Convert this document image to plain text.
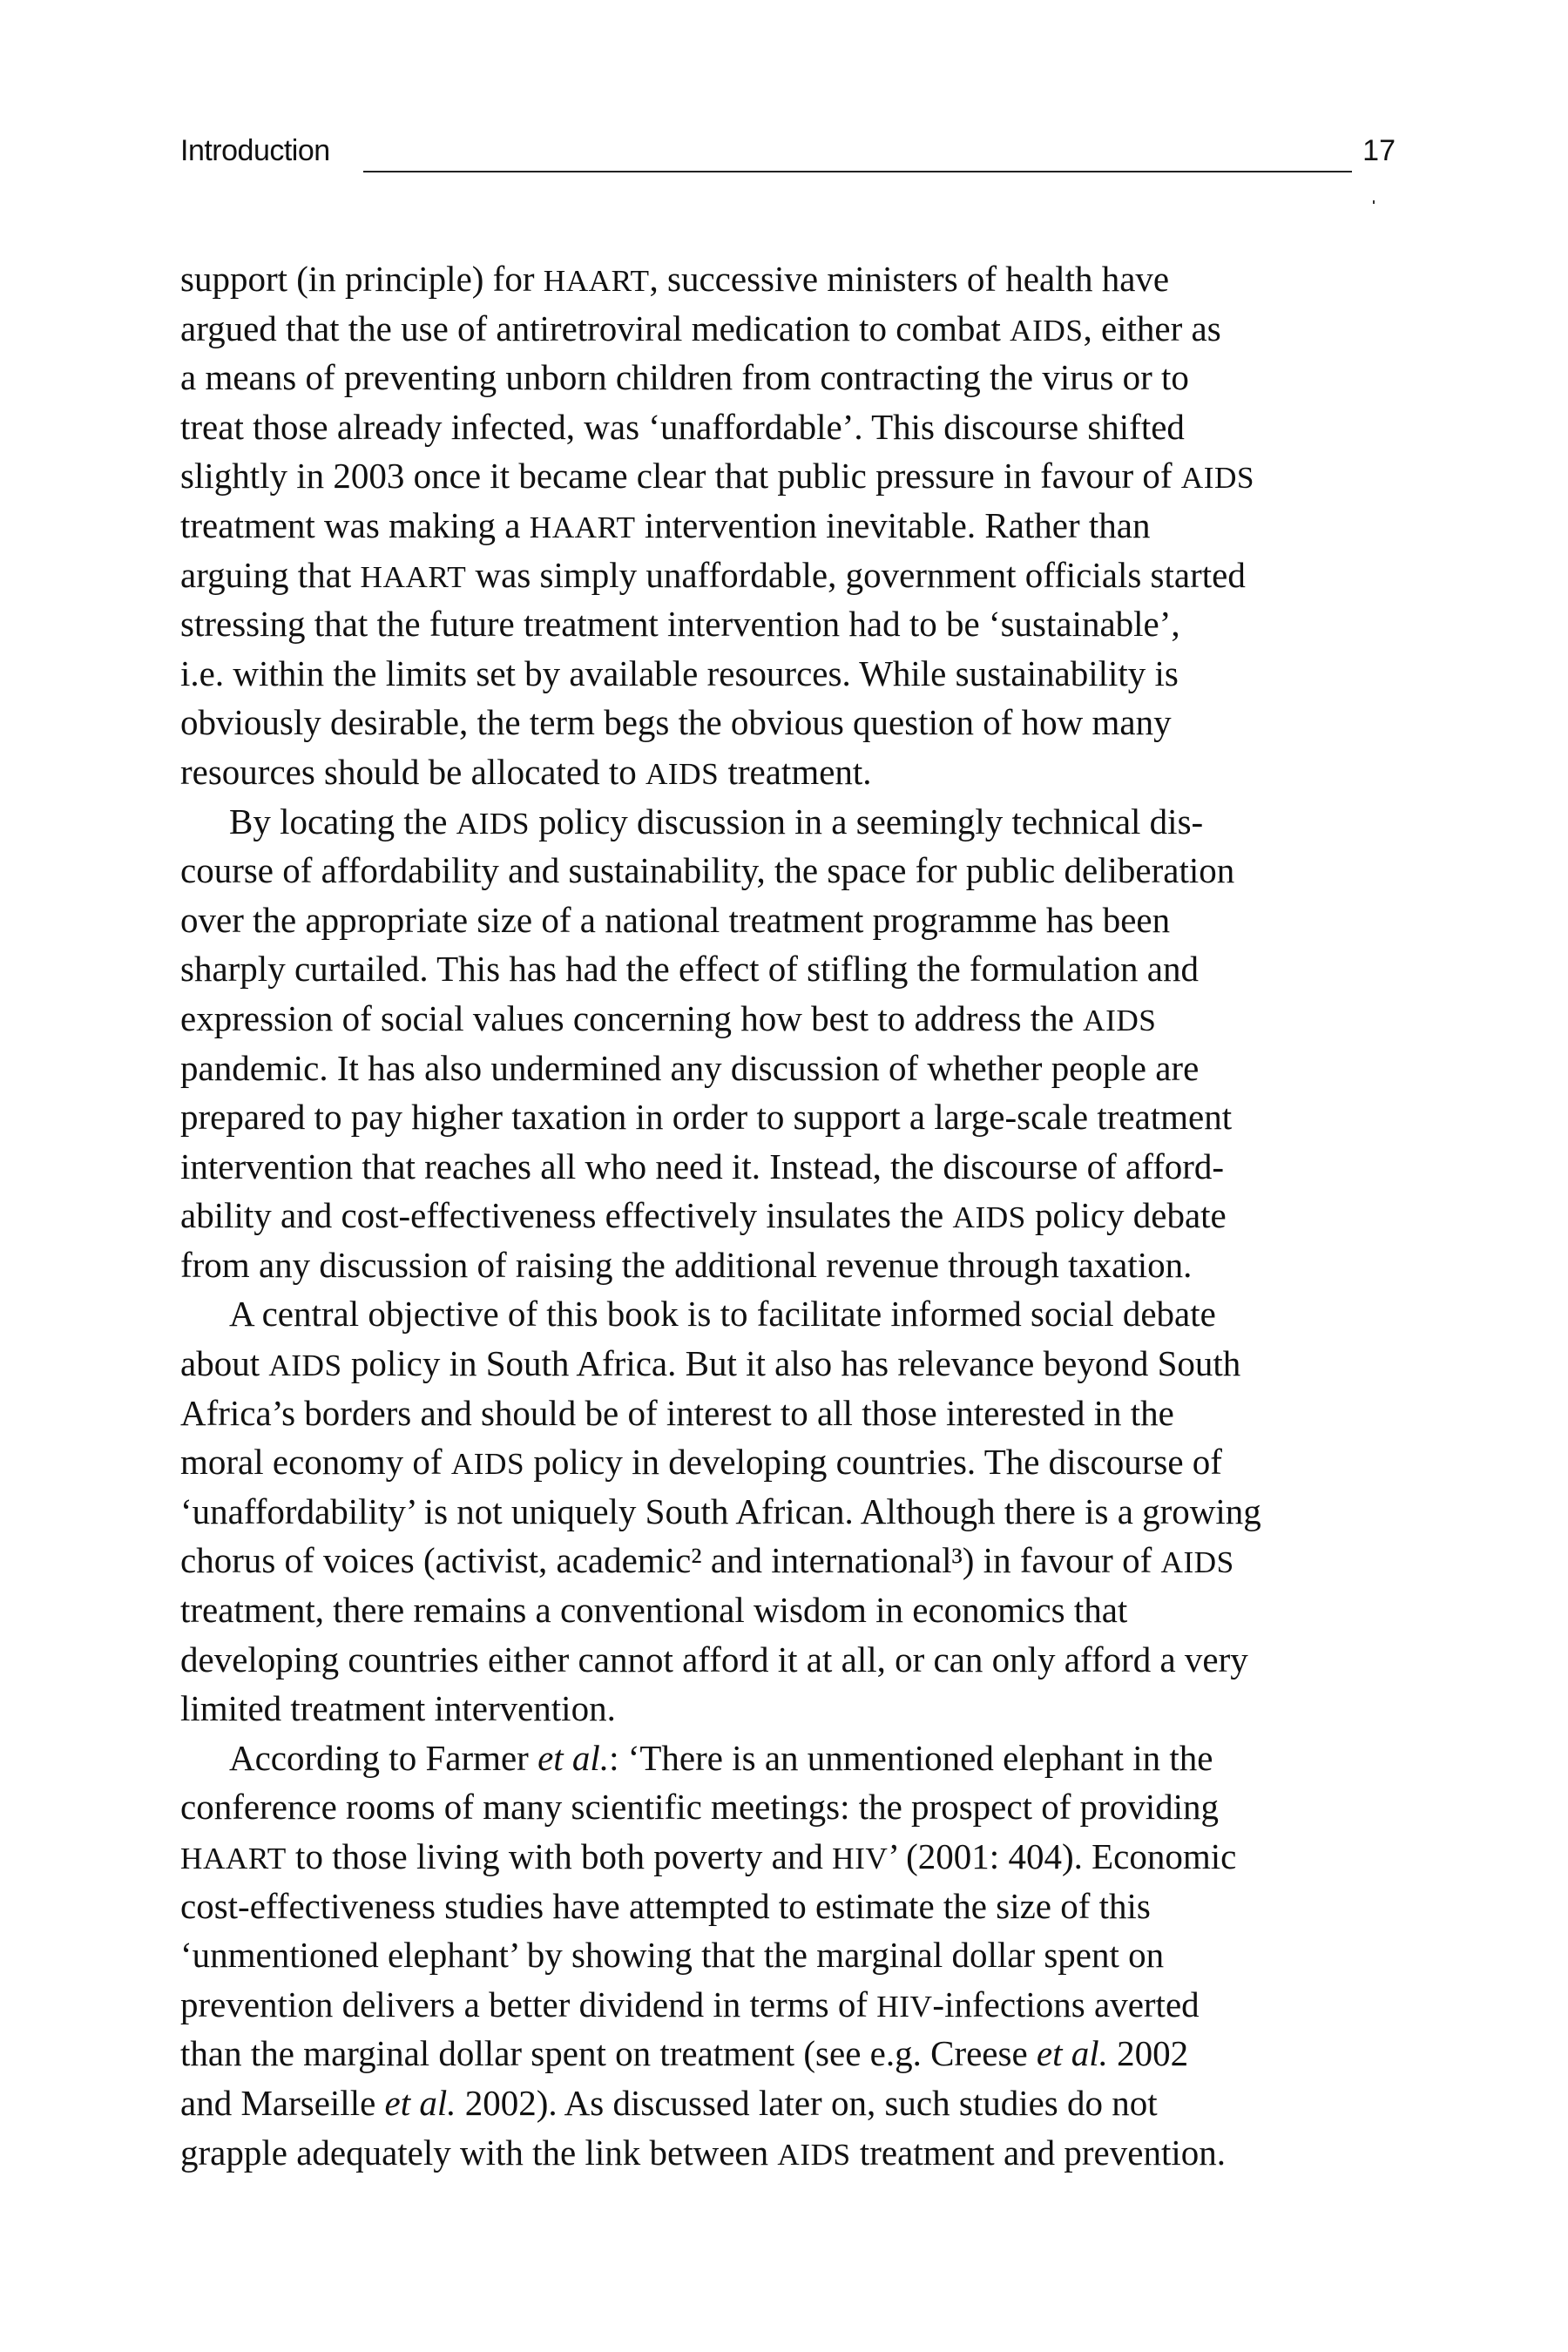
Introduction	17
support (in principle) for HAART, successive ministers of health have
argued that the use of antiretroviral medication to combat AIDS, either as
a means of preventing unborn children from contracting the virus or to
treat those already infected, was ‘unaffordable’. This discourse shifted
slightly in 2003 once it became clear that public pressure in favour of AIDS
treatment was making a HAART intervention inevitable. Rather than
arguing that HAART was simply unaffordable, government officials started
stressing that the future treatment intervention had to be ‘sustainable’,
i.e. within the limits set by available resources. While sustainability is
obviously desirable, the term begs the obvious question of how many
resources should be allocated to AIDS treatment.
By locating the AIDS policy discussion in a seemingly technical dis-
course of affordability and sustainability, the space for public deliberation
over the appropriate size of a national treatment programme has been
sharply curtailed. This has had the effect of stifling the formulation and
expression of social values concerning how best to address the AIDS
pandemic. It has also undermined any discussion of whether people are
prepared to pay higher taxation in order to support a large-scale treatment
intervention that reaches all who need it. Instead, the discourse of afford-
ability and cost-effectiveness effectively insulates the AIDS policy debate
from any discussion of raising the additional revenue through taxation.
A central objective of this book is to facilitate informed social debate
about AIDS policy in South Africa. But it also has relevance beyond South
Africa’s borders and should be of interest to all those interested in the
moral economy of AIDS policy in developing countries. The discourse of
‘unaffordability’ is not uniquely South African. Although there is a growing
chorus of voices (activist, academic² and international³) in favour of AIDS
treatment, there remains a conventional wisdom in economics that
developing countries either cannot afford it at all, or can only afford a very
limited treatment intervention.
According to Farmer et al.: ‘There is an unmentioned elephant in the
conference rooms of many scientific meetings: the prospect of providing
HAART to those living with both poverty and HIV’ (2001: 404). Economic
cost-effectiveness studies have attempted to estimate the size of this
‘unmentioned elephant’ by showing that the marginal dollar spent on
prevention delivers a better dividend in terms of HIV-infections averted
than the marginal dollar spent on treatment (see e.g. Creese et al. 2002
and Marseille et al. 2002). As discussed later on, such studies do not
grapple adequately with the link between AIDS treatment and prevention.
